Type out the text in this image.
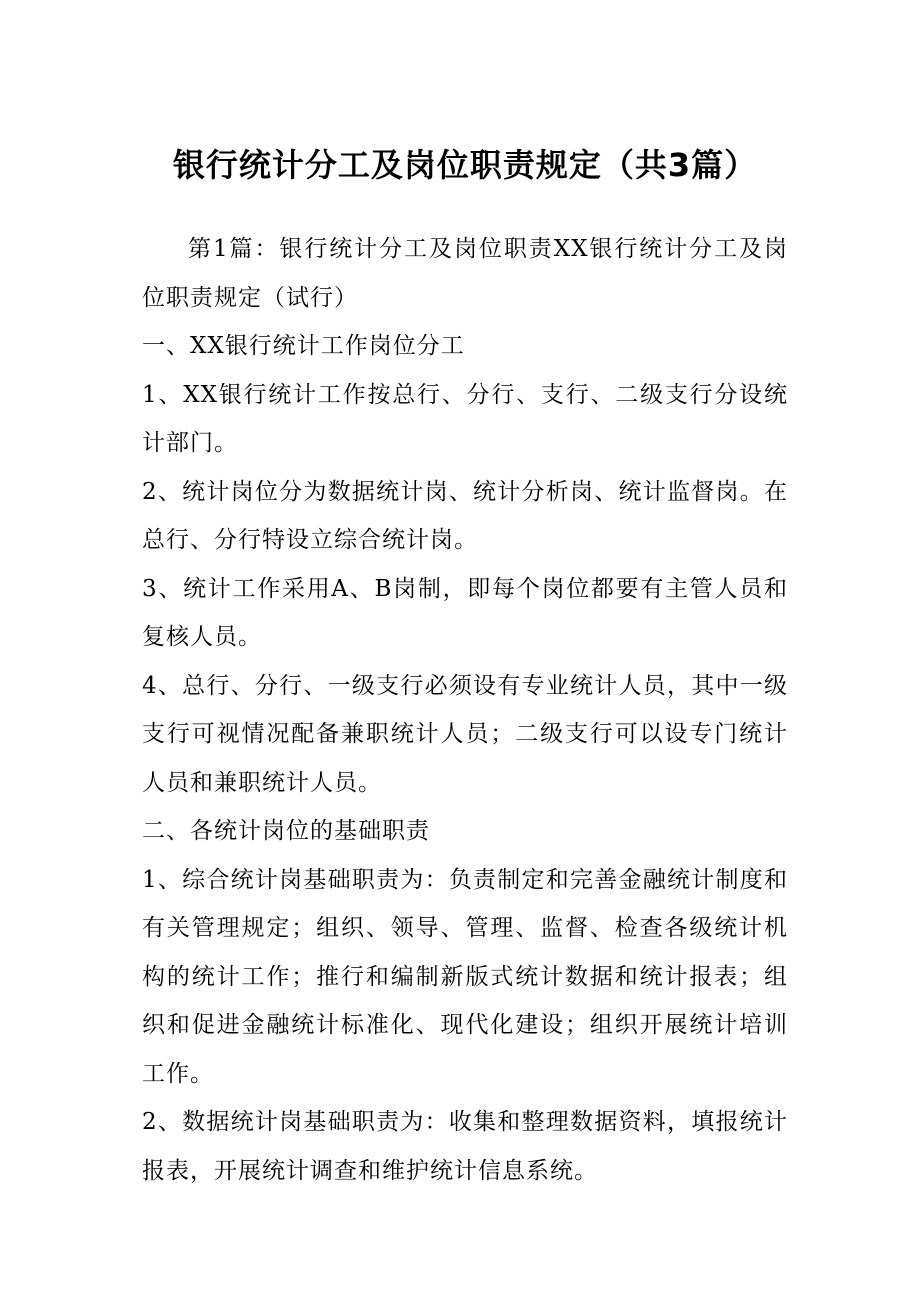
银行统计分工及岗位职责规定（共3篇）

第1篇：银行统计分工及岗位职责XX银行统计分工及岗位职责规定（试行）

一、XX银行统计工作岗位分工

1、XX银行统计工作按总行、分行、支行、二级支行分设统计部门。

2、统计岗位分为数据统计岗、统计分析岗、统计监督岗。在总行、分行特设立综合统计岗。

3、统计工作采用A、B岗制，即每个岗位都要有主管人员和复核人员。

4、总行、分行、一级支行必须设有专业统计人员，其中一级支行可视情况配备兼职统计人员；二级支行可以设专门统计人员和兼职统计人员。

二、各统计岗位的基础职责

1、综合统计岗基础职责为：负责制定和完善金融统计制度和有关管理规定；组织、领导、管理、监督、检查各级统计机构的统计工作；推行和编制新版式统计数据和统计报表；组织和促进金融统计标准化、现代化建设；组织开展统计培训工作。

2、数据统计岗基础职责为：收集和整理数据资料，填报统计报表，开展统计调查和维护统计信息系统。
